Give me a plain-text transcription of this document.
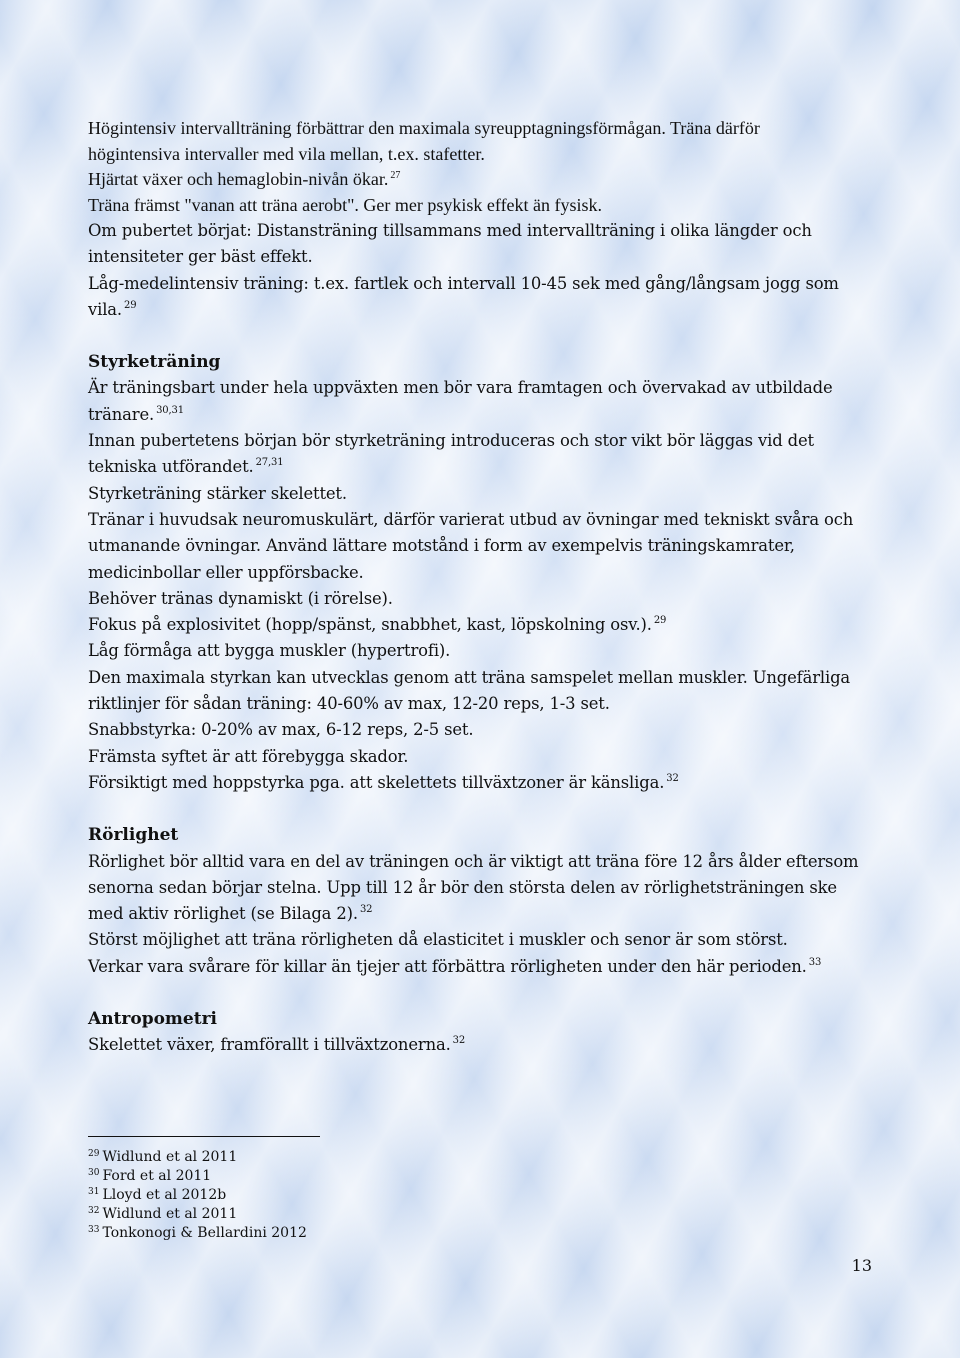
Högintensiv intervallträning förbättrar den maximala syreupptagningsförmågan. Träna därför

högintensiva intervaller med vila mellan, t.ex. stafetter.

Hjärtat växer och hemaglobin-nivån ökar. $^{27}$

Träna främst "vanan att träna aerobt". Ger mer psykisk effekt än fysisk.

Om pubertet börjat: Distansträning tillsammans med intervallträning i olika längder och

intensiteter ger bäst effekt.

Låg-medelintensiv träning: t.ex. fartlek och intervall 10-45 sek med gång/långsam jogg som

vila. $^{29}$

Styrketräning

Är träningsbart under hela uppväxten men bör vara framtagen och övervakad av utbildade

tränare. $^{30,31}$

Innan pubertetens början bör styrketräning introduceras och stor vikt bör läggas vid det

tekniska utförandet. $^{27,31}$

Styrketräning stärker skelettet.

Tränar i huvudsak neuromuskulärt, därför varierat utbud av övningar med tekniskt svåra och

utmanande övningar. Använd lättare motstånd i form av exempelvis träningskamrater,

medicinbollar eller uppförsbacke.

Behöver tränas dynamiskt (i rörelse).

Fokus på explosivitet (hopp/spänst, snabbhet, kast, löpskolning osv.). $^{29}$

Låg förmåga att bygga muskler (hypertrofi).

Den maximala styrkan kan utvecklas genom att träna samspelet mellan muskler. Ungefärliga

riktlinjer för sådan träning: 40-60% av max, 12-20 reps, 1-3 set.

Snabbstyrka: 0-20% av max, 6-12 reps, 2-5 set.

Främsta syftet är att förebygga skador.

Försiktigt med hoppstyrka pga. att skelettets tillväxtzoner är känsliga. $^{32}$

Rörlighet

Rörlighet bör alltid vara en del av träningen och är viktigt att träna före 12 års ålder eftersom

senorna sedan börjar stelna. Upp till 12 år bör den största delen av rörlighetsträningen ske

med aktiv rörlighet (se Bilaga 2). $^{32}$

Störst möjlighet att träna rörligheten då elasticitet i muskler och senor är som störst.

Verkar vara svårare för killar än tjejer att förbättra rörligheten under den här perioden. $^{33}$

Antropometri

Skelettet växer, framförallt i tillväxtzonerna. $^{32}$

$^{29}$ Widlund et al 2011

$^{30}$ Ford et al 2011

$^{31}$ Lloyd et al 2012b

$^{32}$ Widlund et al 2011

$^{33}$ Tonkonogi & Bellardini 2012

13
